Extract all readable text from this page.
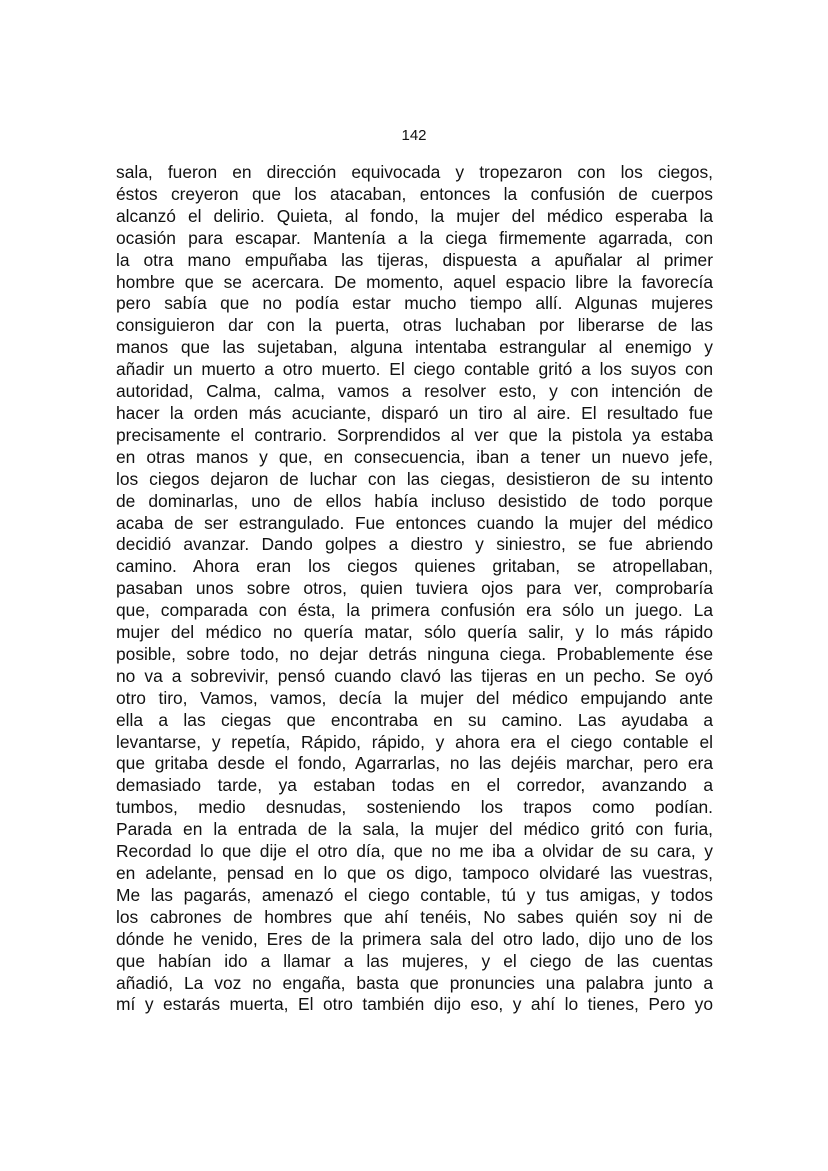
142
sala, fueron en dirección equivocada y tropezaron con los ciegos,
éstos creyeron que los atacaban, entonces la confusión de cuerpos
alcanzó el delirio. Quieta, al fondo, la mujer del médico esperaba la
ocasión para escapar. Mantenía a la ciega firmemente agarrada, con
la otra mano empuñaba las tijeras, dispuesta a apuñalar al primer
hombre que se acercara. De momento, aquel espacio libre la favorecía
pero sabía que no podía estar mucho tiempo allí. Algunas mujeres
consiguieron dar con la puerta, otras luchaban por liberarse de las
manos que las sujetaban, alguna intentaba estrangular al enemigo y
añadir un muerto a otro muerto. El ciego contable gritó a los suyos con
autoridad, Calma, calma, vamos a resolver esto, y con intención de
hacer la orden más acuciante, disparó un tiro al aire. El resultado fue
precisamente el contrario. Sorprendidos al ver que la pistola ya estaba
en otras manos y que, en consecuencia, iban a tener un nuevo jefe,
los ciegos dejaron de luchar con las ciegas, desistieron de su intento
de dominarlas, uno de ellos había incluso desistido de todo porque
acaba de ser estrangulado. Fue entonces cuando la mujer del médico
decidió avanzar. Dando golpes a diestro y siniestro, se fue abriendo
camino. Ahora eran los ciegos quienes gritaban, se atropellaban,
pasaban unos sobre otros, quien tuviera ojos para ver, comprobaría
que, comparada con ésta, la primera confusión era sólo un juego. La
mujer del médico no quería matar, sólo quería salir, y lo más rápido
posible, sobre todo, no dejar detrás ninguna ciega. Probablemente ése
no va a sobrevivir, pensó cuando clavó las tijeras en un pecho. Se oyó
otro tiro, Vamos, vamos, decía la mujer del médico empujando ante
ella a las ciegas que encontraba en su camino. Las ayudaba a
levantarse, y repetía, Rápido, rápido, y ahora era el ciego contable el
que gritaba desde el fondo, Agarrarlas, no las dejéis marchar, pero era
demasiado tarde, ya estaban todas en el corredor, avanzando a
tumbos, medio desnudas, sosteniendo los trapos como podían.
Parada en la entrada de la sala, la mujer del médico gritó con furia,
Recordad lo que dije el otro día, que no me iba a olvidar de su cara, y
en adelante, pensad en lo que os digo, tampoco olvidaré las vuestras,
Me las pagarás, amenazó el ciego contable, tú y tus amigas, y todos
los cabrones de hombres que ahí tenéis, No sabes quién soy ni de
dónde he venido, Eres de la primera sala del otro lado, dijo uno de los
que habían ido a llamar a las mujeres, y el ciego de las cuentas
añadió, La voz no engaña, basta que pronuncies una palabra junto a
mí y estarás muerta, El otro también dijo eso, y ahí lo tienes, Pero yo
